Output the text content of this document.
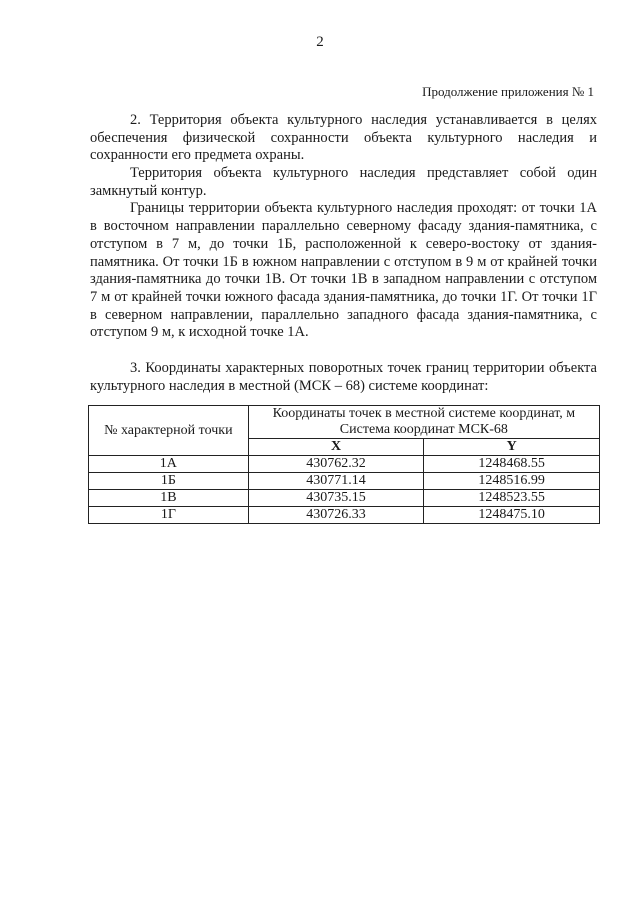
2
Продолжение приложения № 1

2. Территория объекта культурного наследия устанавливается в целях обеспечения физической сохранности объекта культурного наследия и сохранности его предмета охраны.

Территория объекта культурного наследия представляет собой один замкнутый контур.

Границы территории объекта культурного наследия проходят: от точки 1А в восточном направлении параллельно северному фасаду здания-памятника, с отступом в 7 м, до точки 1Б, расположенной к северо-востоку от здания-памятника. От точки 1Б в южном направлении с отступом в 9 м от крайней точки здания-памятника до точки 1В. От точки 1В в западном направлении с отступом 7 м от крайней точки южного фасада здания-памятника, до точки 1Г. От точки 1Г в северном направлении, параллельно западного фасада здания-памятника, с отступом 9 м, к исходной точке 1А.

3. Координаты характерных поворотных точек границ территории объекта культурного наследия в местной (МСК – 68) системе координат:

№ характерной точки	Координаты точек в местной системе координат, м
Система координат МСК-68	
	X	Y
1А	430762.32	1248468.55
1Б	430771.14	1248516.99
1В	430735.15	1248523.55
1Г	430726.33	1248475.10
